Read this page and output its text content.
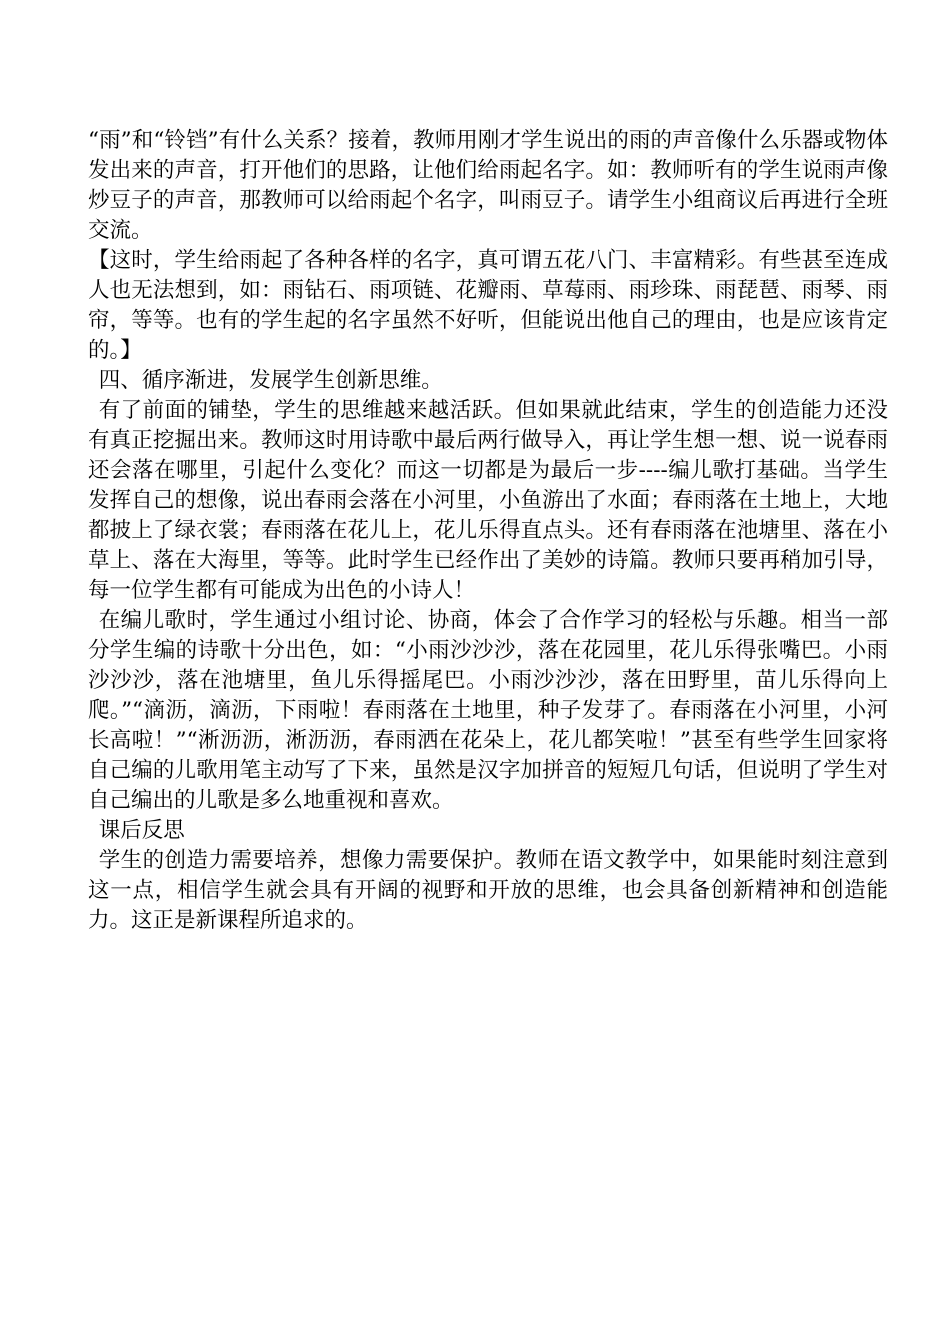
“雨”和“铃铛”有什么关系？接着，教师用刚才学生说出的雨的声音像什么乐器或物体发出来的声音，打开他们的思路，让他们给雨起名字。如：教师听有的学生说雨声像炒豆子的声音，那教师可以给雨起个名字，叫雨豆子。请学生小组商议后再进行全班交流。

【这时，学生给雨起了各种各样的名字，真可谓五花八门、丰富精彩。有些甚至连成人也无法想到，如：雨钻石、雨项链、花瓣雨、草莓雨、雨珍珠、雨琵琶、雨琴、雨帘，等等。也有的学生起的名字虽然不好听，但能说出他自己的理由，也是应该肯定的。】

四、循序渐进，发展学生创新思维。

有了前面的铺垫，学生的思维越来越活跃。但如果就此结束，学生的创造能力还没有真正挖掘出来。教师这时用诗歌中最后两行做导入，再让学生想一想、说一说春雨还会落在哪里，引起什么变化？而这一切都是为最后一步----编儿歌打基础。当学生发挥自己的想像，说出春雨会落在小河里，小鱼游出了水面；春雨落在土地上，大地都披上了绿衣裳；春雨落在花儿上，花儿乐得直点头。还有春雨落在池塘里、落在小草上、落在大海里，等等。此时学生已经作出了美妙的诗篇。教师只要再稍加引导，每一位学生都有可能成为出色的小诗人！

在编儿歌时，学生通过小组讨论、协商，体会了合作学习的轻松与乐趣。相当一部分学生编的诗歌十分出色，如：“小雨沙沙沙，落在花园里，花儿乐得张嘴巴。小雨沙沙沙，落在池塘里，鱼儿乐得摇尾巴。小雨沙沙沙，落在田野里，苗儿乐得向上爬。”“滴沥，滴沥，下雨啦！春雨落在土地里，种子发芽了。春雨落在小河里，小河长高啦！”“淅沥沥，淅沥沥，春雨洒在花朵上，花儿都笑啦！”甚至有些学生回家将自己编的儿歌用笔主动写了下来，虽然是汉字加拼音的短短几句话，但说明了学生对自己编出的儿歌是多么地重视和喜欢。

课后反思

学生的创造力需要培养，想像力需要保护。教师在语文教学中，如果能时刻注意到这一点，相信学生就会具有开阔的视野和开放的思维，也会具备创新精神和创造能力。这正是新课程所追求的。
